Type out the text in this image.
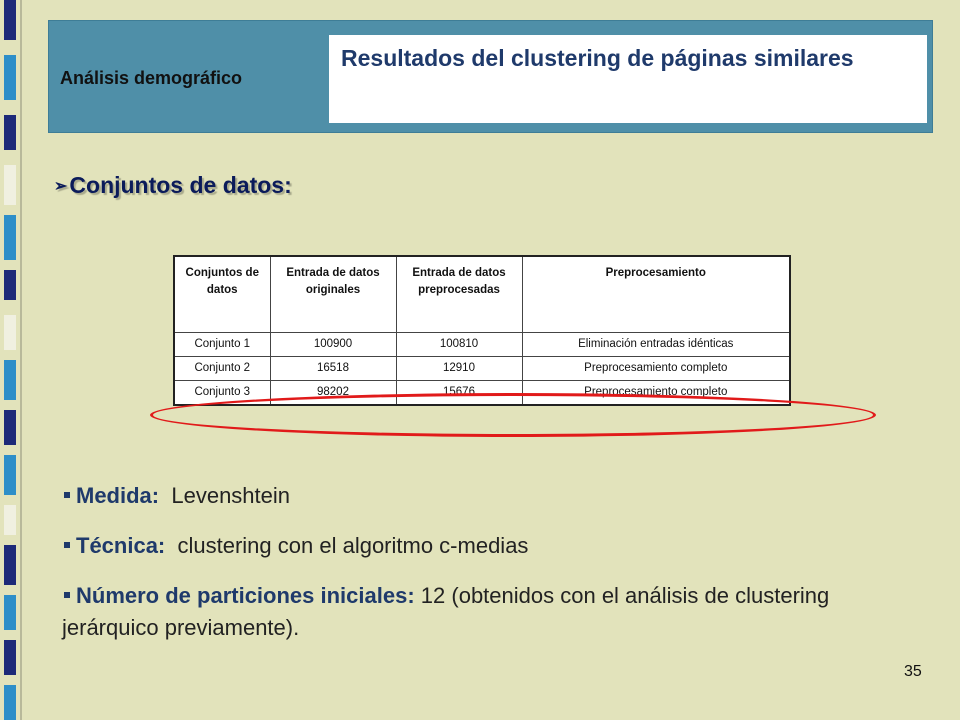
Análisis demográfico
Resultados del clustering de páginas similares
➢Conjuntos de datos:
Conjuntos de datos	Entrada de datos originales	Entrada de datos preprocesadas	Preprocesamiento
Conjunto 1	100900	100810	Eliminación entradas idénticas
Conjunto 2	16518	12910	Preprocesamiento completo
Conjunto 3	98202	15676	Preprocesamiento completo
Medida: Levenshtein
Técnica: clustering con el algoritmo c-medias
Número de particiones iniciales: 12 (obtenidos con el análisis de clustering jerárquico previamente).
35
